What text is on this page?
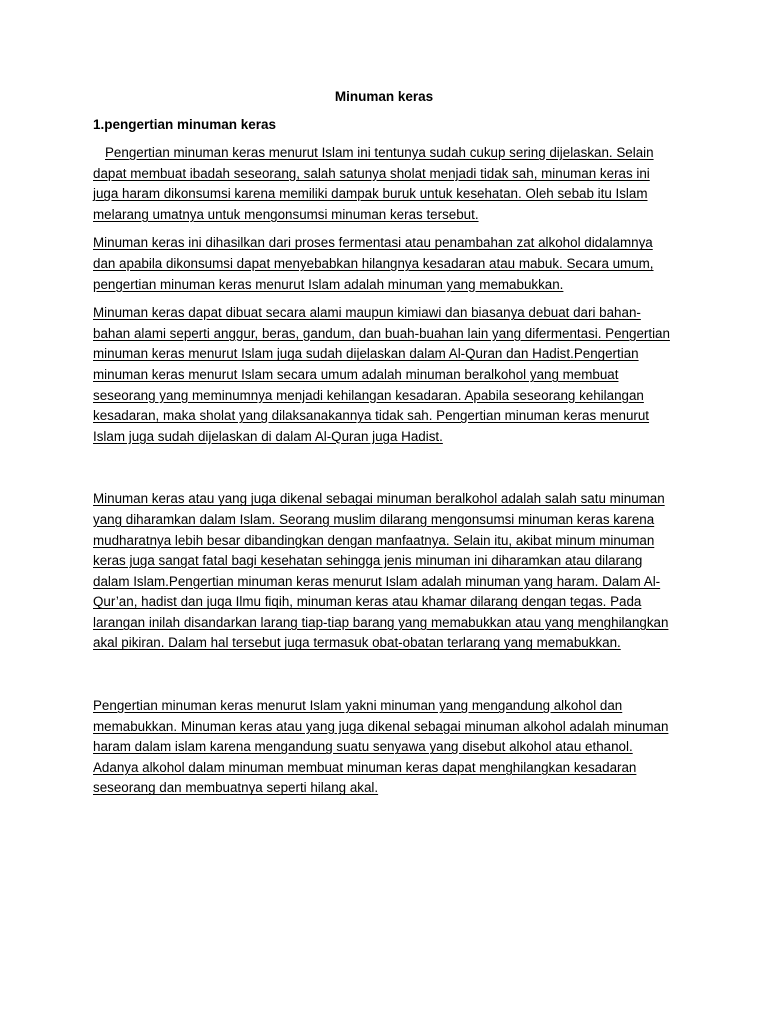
Minuman keras
1.pengertian minuman keras

Pengertian minuman keras menurut Islam ini tentunya sudah cukup sering dijelaskan. Selain dapat membuat ibadah seseorang, salah satunya sholat menjadi tidak sah, minuman keras ini juga haram dikonsumsi karena memiliki dampak buruk untuk kesehatan. Oleh sebab itu Islam melarang umatnya untuk mengonsumsi minuman keras tersebut.

Minuman keras ini dihasilkan dari proses fermentasi atau penambahan zat alkohol didalamnya dan apabila dikonsumsi dapat menyebabkan hilangnya kesadaran atau mabuk. Secara umum, pengertian minuman keras menurut Islam adalah minuman yang memabukkan.

Minuman keras dapat dibuat secara alami maupun kimiawi dan biasanya debuat dari bahan-bahan alami seperti anggur, beras, gandum, dan buah-buahan lain yang difermentasi. Pengertian minuman keras menurut Islam juga sudah dijelaskan dalam Al-Quran dan Hadist.Pengertian minuman keras menurut Islam secara umum adalah minuman beralkohol yang membuat seseorang yang meminumnya menjadi kehilangan kesadaran. Apabila seseorang kehilangan kesadaran, maka sholat yang dilaksanakannya tidak sah. Pengertian minuman keras menurut Islam juga sudah dijelaskan di dalam Al-Quran juga Hadist.

Minuman keras atau yang juga dikenal sebagai minuman beralkohol adalah salah satu minuman yang diharamkan dalam Islam. Seorang muslim dilarang mengonsumsi minuman keras karena mudharatnya lebih besar dibandingkan dengan manfaatnya. Selain itu, akibat minum minuman keras juga sangat fatal bagi kesehatan sehingga jenis minuman ini diharamkan atau dilarang dalam Islam.Pengertian minuman keras menurut Islam adalah minuman yang haram. Dalam Al-Qur’an, hadist dan juga Ilmu fiqih, minuman keras atau khamar dilarang dengan tegas. Pada larangan inilah disandarkan larang tiap-tiap barang yang memabukkan atau yang menghilangkan akal pikiran. Dalam hal tersebut juga termasuk obat-obatan terlarang yang memabukkan.

Pengertian minuman keras menurut Islam yakni minuman yang mengandung alkohol dan memabukkan. Minuman keras atau yang juga dikenal sebagai minuman alkohol adalah minuman haram dalam islam karena mengandung suatu senyawa yang disebut alkohol atau ethanol. Adanya alkohol dalam minuman membuat minuman keras dapat menghilangkan kesadaran seseorang dan membuatnya seperti hilang akal.
